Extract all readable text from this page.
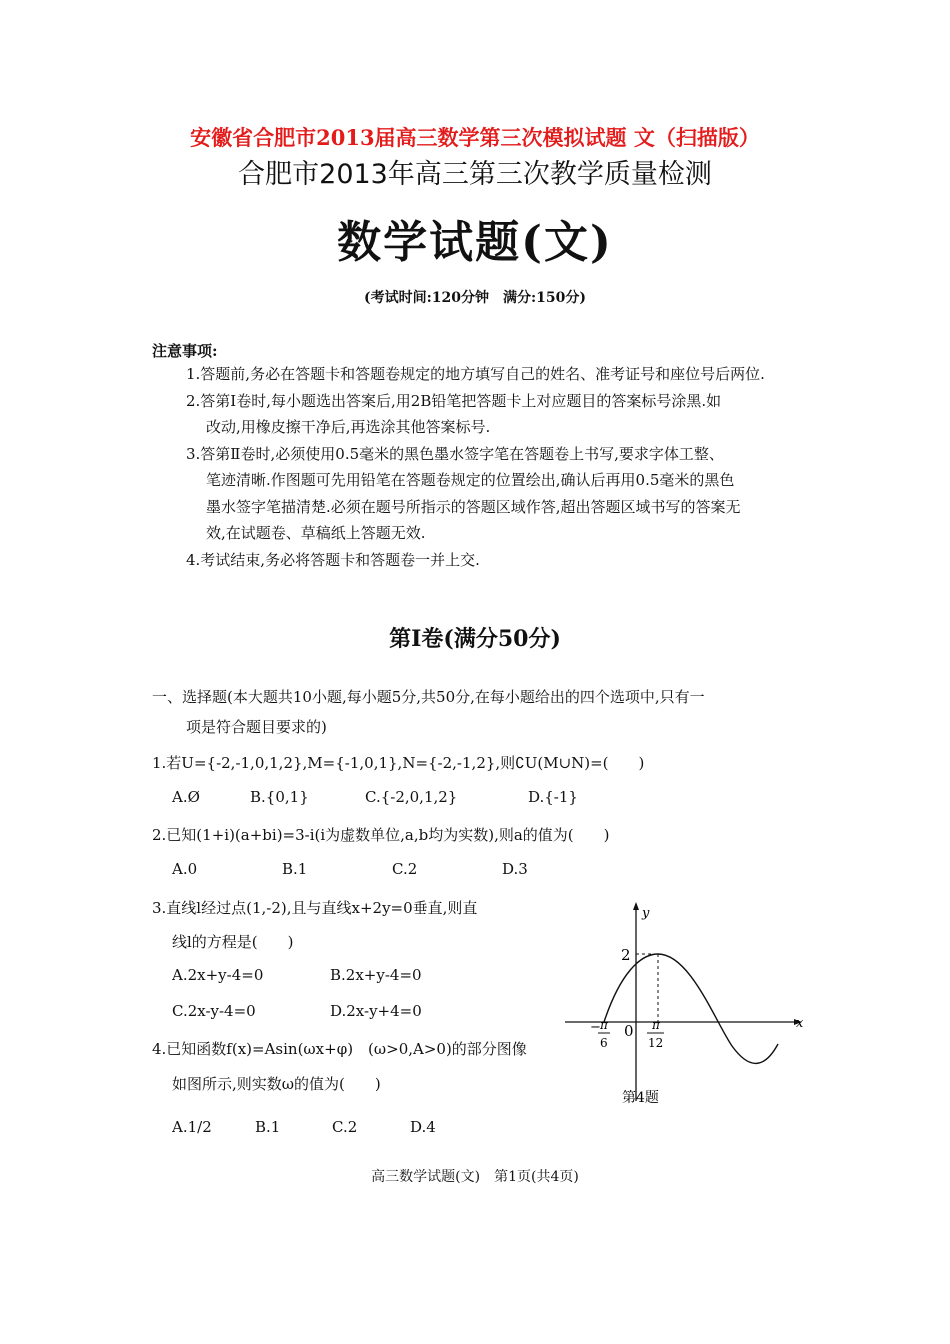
安徽省合肥市2013届高三数学第三次模拟试题 文（扫描版）
合肥市2013年高三第三次教学质量检测
数学试题(文)
(考试时间:120分钟　满分:150分)
注意事项:
1.答题前,务必在答题卡和答题卷规定的地方填写自己的姓名、准考证号和座位号后两位.
2.答第Ⅰ卷时,每小题选出答案后,用2B铅笔把答题卡上对应题目的答案标号涂黑.如
改动,用橡皮擦干净后,再选涂其他答案标号.
3.答第Ⅱ卷时,必须使用0.5毫米的黑色墨水签字笔在答题卷上书写,要求字体工整、
笔迹清晰.作图题可先用铅笔在答题卷规定的位置绘出,确认后再用0.5毫米的黑色
墨水签字笔描清楚.必须在题号所指示的答题区域作答,超出答题区域书写的答案无
效,在试题卷、草稿纸上答题无效.
4.考试结束,务必将答题卡和答题卷一并上交.
第Ⅰ卷(满分50分)
一、选择题(本大题共10小题,每小题5分,共50分,在每小题给出的四个选项中,只有一
项是符合题目要求的)
1.若U={-2,-1,0,1,2},M={-1,0,1},N={-2,-1,2},则∁U(M∪N)=(　　)
A.Ø	B.{0,1}	C.{-2,0,1,2}	D.{-1}
2.已知(1+i)(a+bi)=3-i(i为虚数单位,a,b均为实数),则a的值为(　　)
A.0	B.1	C.2	D.3
3.直线l经过点(1,-2),且与直线x+2y=0垂直,则直
线l的方程是(　　)
A.2x+y-4=0	B.2x+y-4=0
C.2x-y-4=0	D.2x-y+4=0
4.已知函数f(x)=Asin(ωx+φ)　(ω>0,A>0)的部分图像
如图所示,则实数ω的值为(　　)
A.1/2	B.1	C.2	D.4
y
x
2
0
− π
6
π
12
第4题
高三数学试题(文)　第1页(共4页)
